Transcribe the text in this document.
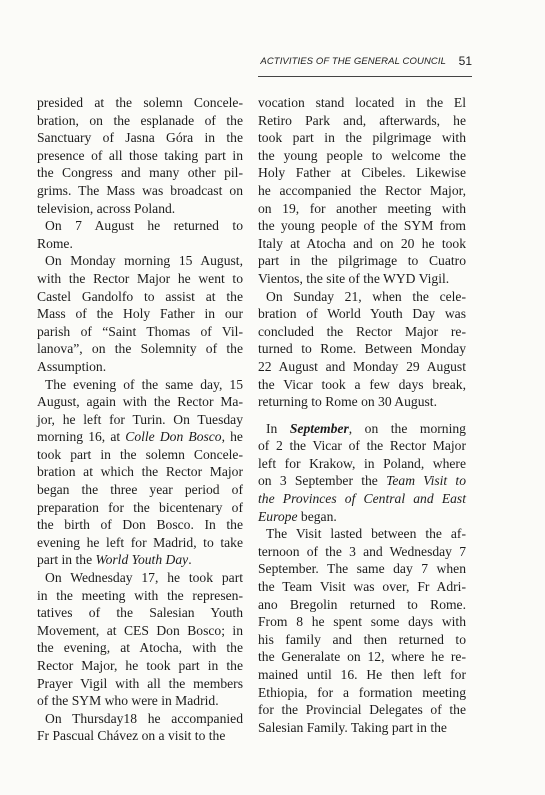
ACTIVITIES OF THE GENERAL COUNCIL 51
presided at the solemn Concele-
bration, on the esplanade of the
Sanctuary of Jasna Góra in the
presence of all those taking part in
the Congress and many other pil-
grims. The Mass was broadcast on
television, across Poland.
On 7 August he returned to
Rome.
On Monday morning 15 August,
with the Rector Major he went to
Castel Gandolfo to assist at the
Mass of the Holy Father in our
parish of “Saint Thomas of Vil-
lanova”, on the Solemnity of the
Assumption.
The evening of the same day, 15
August, again with the Rector Ma-
jor, he left for Turin. On Tuesday
morning 16, at Colle Don Bosco, he
took part in the solemn Concele-
bration at which the Rector Major
began the three year period of
preparation for the bicentenary of
the birth of Don Bosco. In the
evening he left for Madrid, to take
part in the World Youth Day.
On Wednesday 17, he took part
in the meeting with the represen-
tatives of the Salesian Youth
Movement, at CES Don Bosco; in
the evening, at Atocha, with the
Rector Major, he took part in the
Prayer Vigil with all the members
of the SYM who were in Madrid.
On Thursday18 he accompanied
Fr Pascual Chávez on a visit to the
vocation stand located in the El
Retiro Park and, afterwards, he
took part in the pilgrimage with
the young people to welcome the
Holy Father at Cibeles. Likewise
he accompanied the Rector Major,
on 19, for another meeting with
the young people of the SYM from
Italy at Atocha and on 20 he took
part in the pilgrimage to Cuatro
Vientos, the site of the WYD Vigil.
On Sunday 21, when the cele-
bration of World Youth Day was
concluded the Rector Major re-
turned to Rome. Between Monday
22 August and Monday 29 August
the Vicar took a few days break,
returning to Rome on 30 August.
In September, on the morning
of 2 the Vicar of the Rector Major
left for Krakow, in Poland, where
on 3 September the Team Visit to
the Provinces of Central and East
Europe began.
The Visit lasted between the af-
ternoon of the 3 and Wednesday 7
September. The same day 7 when
the Team Visit was over, Fr Adri-
ano Bregolin returned to Rome.
From 8 he spent some days with
his family and then returned to
the Generalate on 12, where he re-
mained until 16. He then left for
Ethiopia, for a formation meeting
for the Provincial Delegates of the
Salesian Family. Taking part in the
